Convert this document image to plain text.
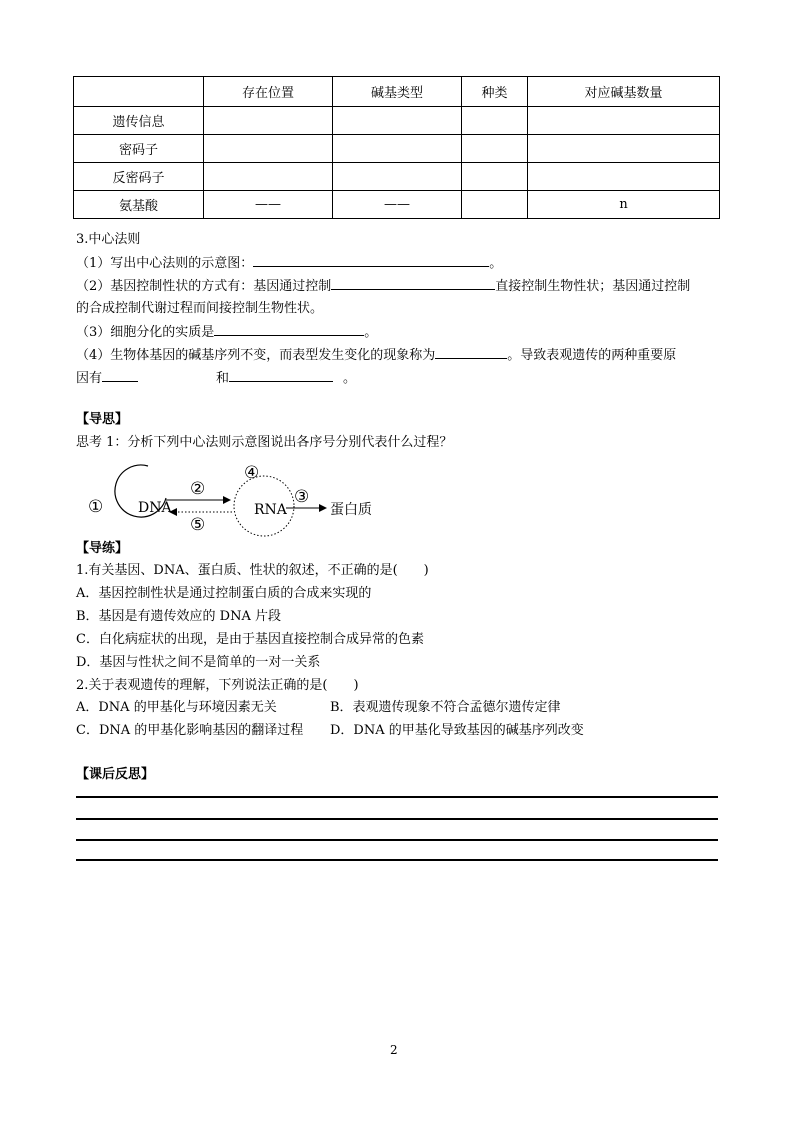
	存在位置	碱基类型	种类	对应碱基数量
遗传信息				
密码子				
反密码子				
氨基酸	——	——		n
3.中心法则
（1）写出中心法则的示意图：	。
（2）基因控制性状的方式有：基因通过控制	直接控制生物性状；基因通过控制
的合成控制代谢过程而间接控制生物性状。
（3）细胞分化的实质是	。
（4）生物体基因的碱基序列不变，而表型发生变化的现象称为	。导致表观遗传的两种重要原
因有	和	。
【导思】
思考 1：分析下列中心法则示意图说出各序号分别代表什么过程？
① DNA
②
⑤
④
RNA
③
蛋白质
【导练】
1.有关基因、DNA、蛋白质、性状的叙述，不正确的是(　　)
A．基因控制性状是通过控制蛋白质的合成来实现的
B．基因是有遗传效应的 DNA 片段
C．白化病症状的出现，是由于基因直接控制合成异常的色素
D．基因与性状之间不是简单的一对一关系
2.关于表观遗传的理解，下列说法正确的是(　　)
A．DNA 的甲基化与环境因素无关	B．表观遗传现象不符合孟德尔遗传定律
C．DNA 的甲基化影响基因的翻译过程 D．DNA 的甲基化导致基因的碱基序列改变
【课后反思】
2
